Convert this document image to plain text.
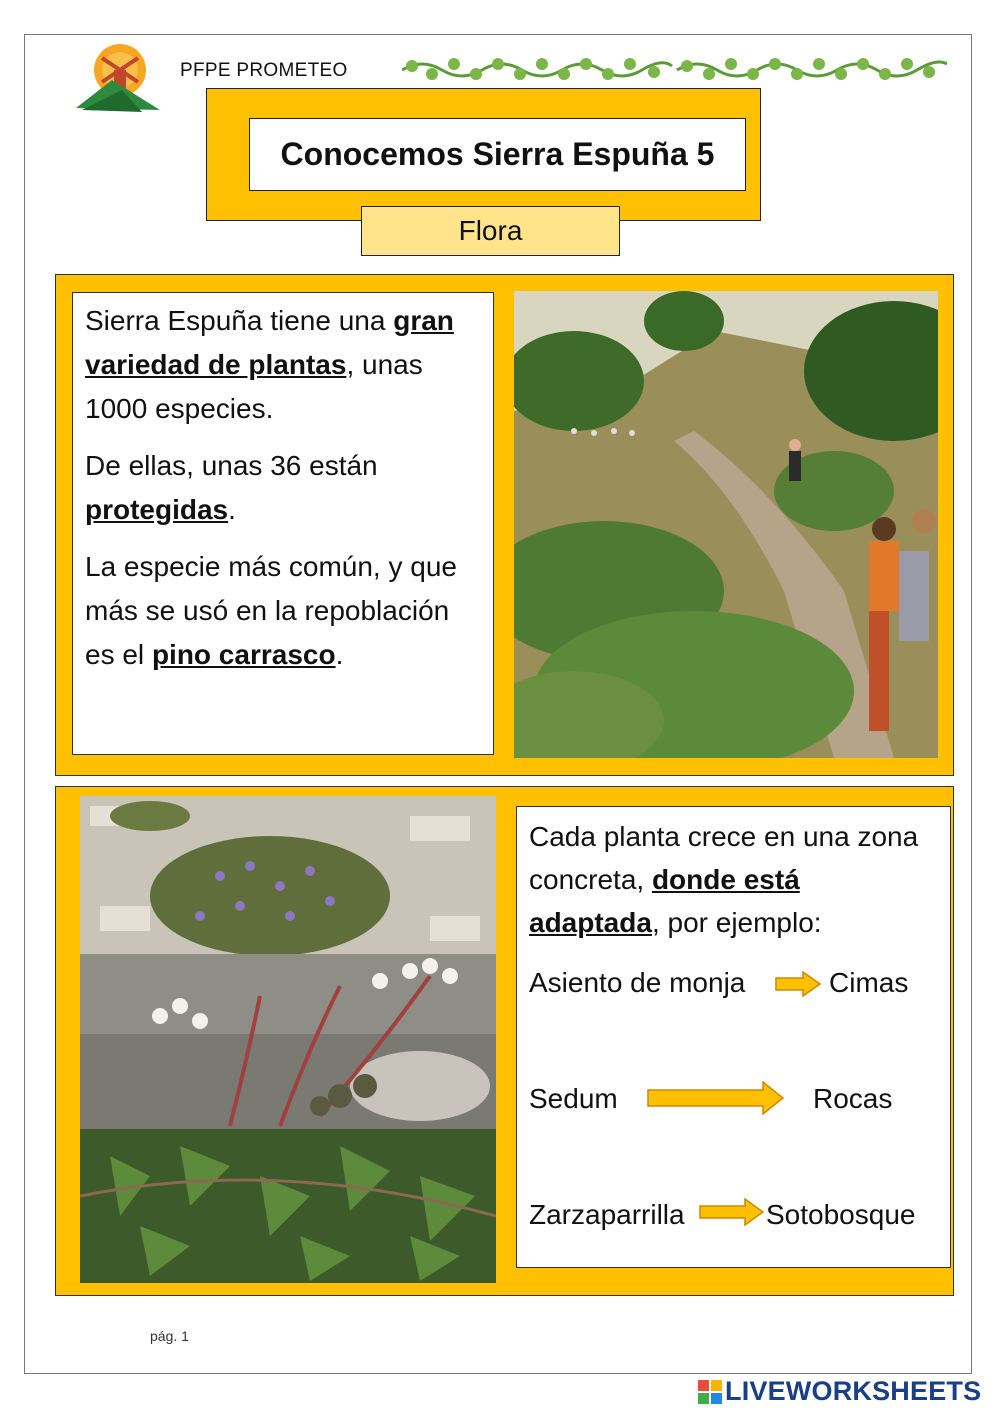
PFPE PROMETEO
Conocemos Sierra Espuña 5
Flora

Sierra Espuña tiene una gran variedad de plantas, unas 1000 especies.

De ellas, unas 36 están protegidas.

La especie más común, y que más se usó en la repoblación es el pino carrasco.

Cada planta crece en una zona concreta, donde está adaptada, por ejemplo:

Asiento de monja	Cimas
Sedum	Rocas
Zarzaparrilla	Sotobosque
pág. 1
LIVEWORKSHEETS
